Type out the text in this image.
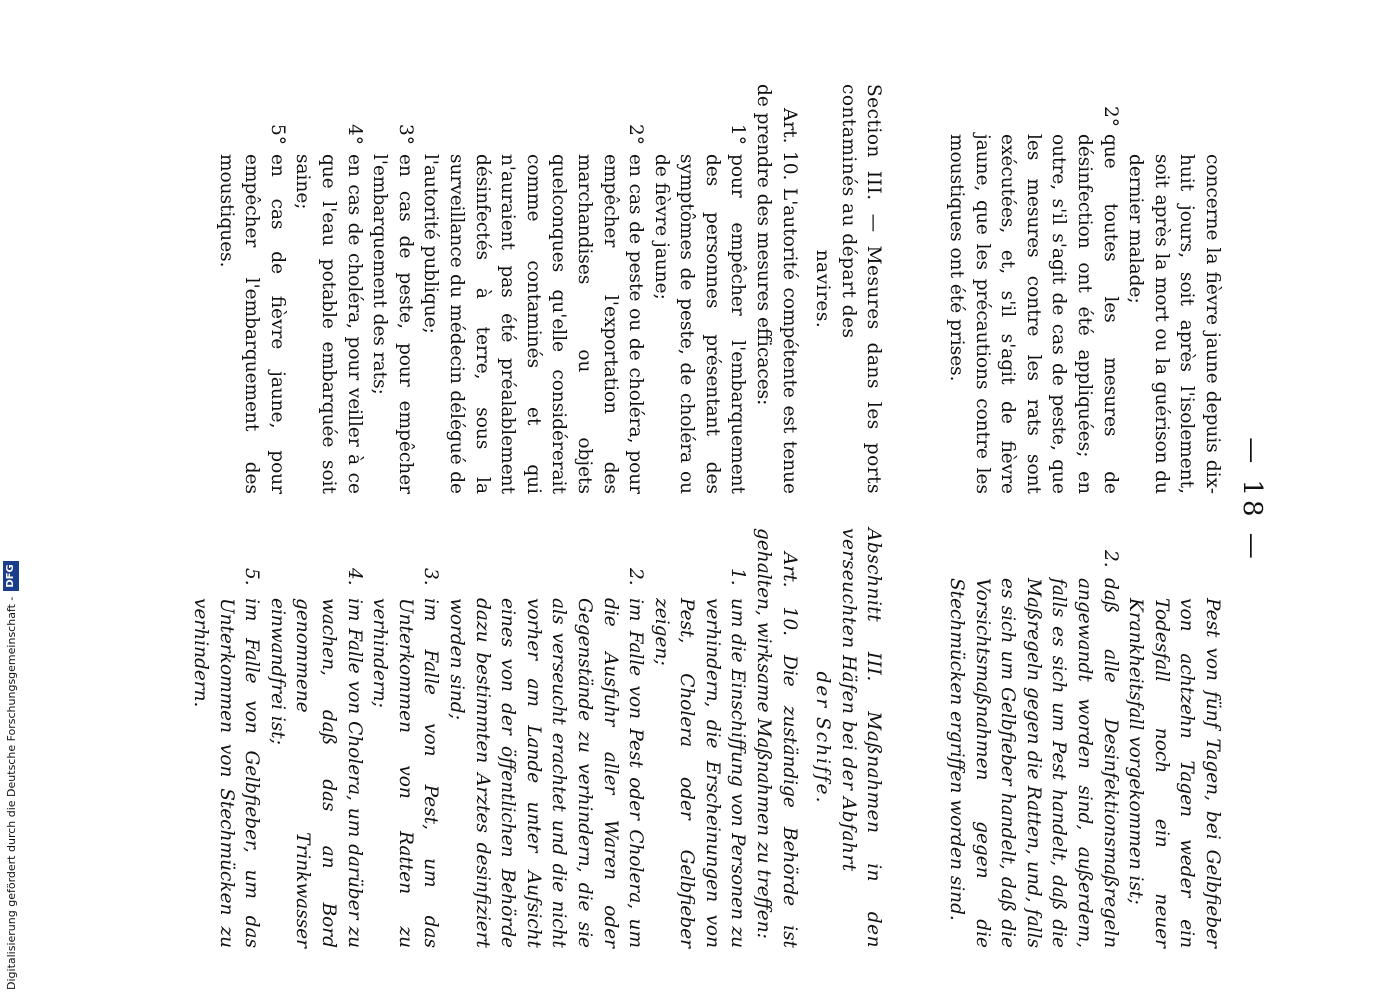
— 18 —
concerne la fièvre jaune depuis dix-huit jours, soit après l'isolement, soit après la mort ou la guérison du dernier malade;
2°
que toutes les mesures de désinfection ont été appliquées; en outre, s'il s'agit de cas de peste, que les mesures contre les rats sont exécutées, et, s'il s'agit de fièvre jaune, que les précautions contre les moustiques ont été prises.
Section III. — Mesures dans les ports contaminés au départ des
navires.
Art. 10. L'autorité compétente est tenue de prendre des mesures efficaces:
1°
pour empêcher l'embarquement des personnes présentant des symptômes de peste, de choléra ou de fièvre jaune;
2°
en cas de peste ou de choléra, pour empêcher l'exportation des marchandises ou objets quelconques qu'elle considérerait comme contaminés et qui n'auraient pas été préalablement désinfectés à terre, sous la surveillance du médecin délégué de l'autorité publique;
3°
en cas de peste, pour empêcher l'embarquement des rats;
4°
en cas de choléra, pour veiller à ce que l'eau potable embarquée soit saine;
5°
en cas de fièvre jaune, pour empêcher l'embarquement des moustiques.
Pest von fünf Tagen, bei Gelbfieber von achtzehn Tagen weder ein Todesfall noch ein neuer Krankheitsfall vorgekommen ist;
2.
daß alle Desinfektionsmaßregeln angewandt worden sind, außerdem, falls es sich um Pest handelt, daß die Maßregeln gegen die Ratten, und, falls es sich um Gelbfieber handelt, daß die Vorsichtsmaßnahmen gegen die Stechmücken ergriffen worden sind.
Abschnitt III. Maßnahmen in den verseuchten Häfen bei der Abfahrt
der Schiffe.
Art. 10. Die zuständige Behörde ist gehalten, wirksame Maßnahmen zu treffen:
1.
um die Einschiffung von Personen zu verhindern, die Erscheinungen von Pest, Cholera oder Gelbfieber zeigen;
2.
im Falle von Pest oder Cholera, um die Ausfuhr aller Waren oder Gegenstände zu verhindern, die sie als verseucht erachtet und die nicht vorher am Lande unter Aufsicht eines von der öffentlichen Behörde dazu bestimmten Arztes desinfiziert worden sind;
3.
im Falle von Pest, um das Unterkommen von Ratten zu verhindern;
4.
im Falle von Cholera, um darüber zu wachen, daß das an Bord genommene Trinkwasser einwandfrei ist;
5.
im Falle von Gelbfieber, um das Unterkommen von Stechmücken zu verhindern.
Digitalisierung gefördert durch die Deutsche Forschungsgemeinschaft -
DFG
